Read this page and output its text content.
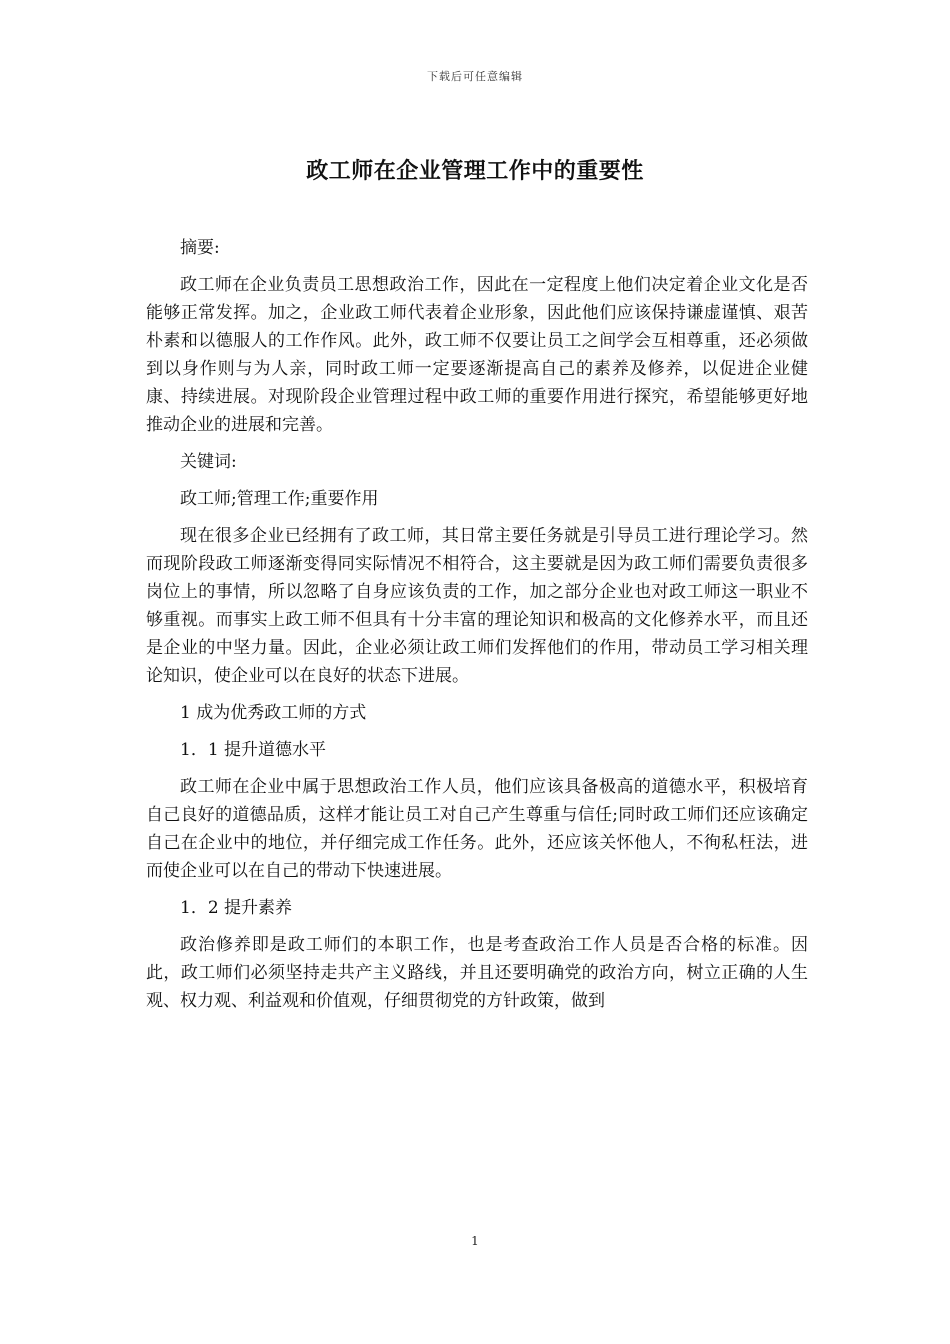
下载后可任意编辑
政工师在企业管理工作中的重要性

摘要:

政工师在企业负责员工思想政治工作，因此在一定程度上他们决定着企业文化是否能够正常发挥。加之，企业政工师代表着企业形象，因此他们应该保持谦虚谨慎、艰苦朴素和以德服人的工作作风。此外，政工师不仅要让员工之间学会互相尊重，还必须做到以身作则与为人亲，同时政工师一定要逐渐提高自己的素养及修养，以促进企业健康、持续进展。对现阶段企业管理过程中政工师的重要作用进行探究，希望能够更好地推动企业的进展和完善。

关键词:

政工师;管理工作;重要作用

现在很多企业已经拥有了政工师，其日常主要任务就是引导员工进行理论学习。然而现阶段政工师逐渐变得同实际情况不相符合，这主要就是因为政工师们需要负责很多岗位上的事情，所以忽略了自身应该负责的工作，加之部分企业也对政工师这一职业不够重视。而事实上政工师不但具有十分丰富的理论知识和极高的文化修养水平，而且还是企业的中坚力量。因此，企业必须让政工师们发挥他们的作用，带动员工学习相关理论知识，使企业可以在良好的状态下进展。

1 成为优秀政工师的方式

1．1 提升道德水平

政工师在企业中属于思想政治工作人员，他们应该具备极高的道德水平，积极培育自己良好的道德品质，这样才能让员工对自己产生尊重与信任;同时政工师们还应该确定自己在企业中的地位，并仔细完成工作任务。此外，还应该关怀他人，不徇私枉法，进而使企业可以在自己的带动下快速进展。

1．2 提升素养

政治修养即是政工师们的本职工作，也是考查政治工作人员是否合格的标准。因此，政工师们必须坚持走共产主义路线，并且还要明确党的政治方向，树立正确的人生观、权力观、利益观和价值观，仔细贯彻党的方针政策，做到

1
